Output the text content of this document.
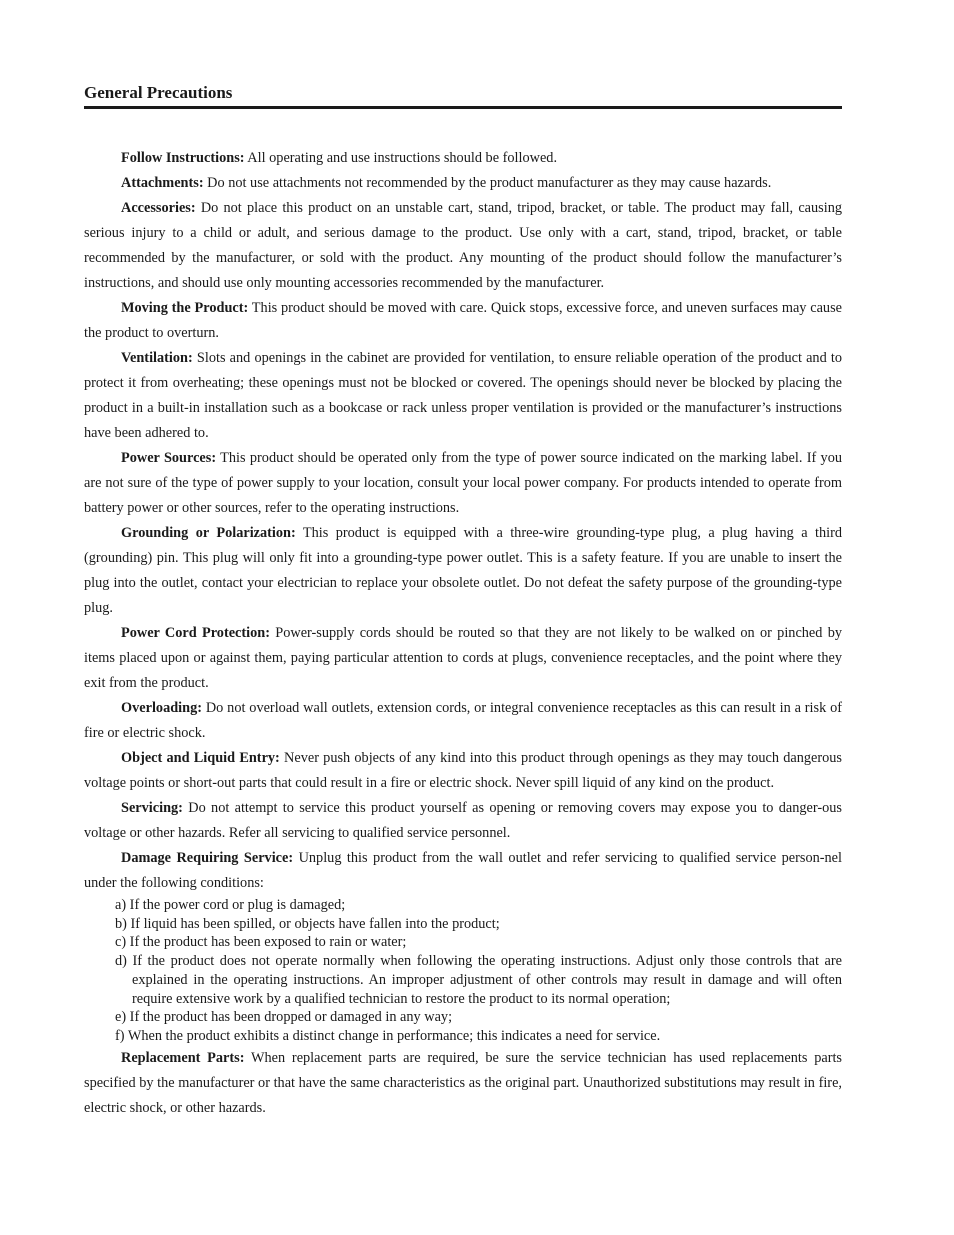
General Precautions

Follow Instructions: All operating and use instructions should be followed.

Attachments: Do not use attachments not recommended by the product manufacturer as they may cause hazards.

Accessories: Do not place this product on an unstable cart, stand, tripod, bracket, or table. The product may fall, causing serious injury to a child or adult, and serious damage to the product. Use only with a cart, stand, tripod, bracket, or table recommended by the manufacturer, or sold with the product. Any mounting of the product should follow the manufacturer’s instructions, and should use only mounting accessories recommended by the manufacturer.

Moving the Product: This product should be moved with care. Quick stops, excessive force, and uneven surfaces may cause the product to overturn.

Ventilation: Slots and openings in the cabinet are provided for ventilation, to ensure reliable operation of the product and to protect it from overheating; these openings must not be blocked or covered. The openings should never be blocked by placing the product in a built-in installation such as a bookcase or rack unless proper ventilation is provided or the manufacturer’s instructions have been adhered to.

Power Sources: This product should be operated only from the type of power source indicated on the marking label. If you are not sure of the type of power supply to your location, consult your local power company. For products intended to operate from battery power or other sources, refer to the operating instructions.

Grounding or Polarization: This product is equipped with a three-wire grounding-type plug, a plug having a third (grounding) pin. This plug will only fit into a grounding-type power outlet. This is a safety feature. If you are unable to insert the plug into the outlet, contact your electrician to replace your obsolete outlet. Do not defeat the safety purpose of the grounding-type plug.

Power Cord Protection: Power-supply cords should be routed so that they are not likely to be walked on or pinched by items placed upon or against them, paying particular attention to cords at plugs, convenience receptacles, and the point where they exit from the product.

Overloading: Do not overload wall outlets, extension cords, or integral convenience receptacles as this can result in a risk of fire or electric shock.

Object and Liquid Entry: Never push objects of any kind into this product through openings as they may touch dangerous voltage points or short-out parts that could result in a fire or electric shock. Never spill liquid of any kind on the product.

Servicing: Do not attempt to service this product yourself as opening or removing covers may expose you to danger-ous voltage or other hazards. Refer all servicing to qualified service personnel.

Damage Requiring Service: Unplug this product from the wall outlet and refer servicing to qualified service person-nel under the following conditions:

a) If the power cord or plug is damaged;
b) If liquid has been spilled, or objects have fallen into the product;
c) If the product has been exposed to rain or water;
d) If the product does not operate normally when following the operating instructions. Adjust only those controls that are explained in the operating instructions. An improper adjustment of other controls may result in damage and will often require extensive work by a qualified technician to restore the product to its normal operation;
e) If the product has been dropped or damaged in any way;
f) When the product exhibits a distinct change in performance; this indicates a need for service.

Replacement Parts: When replacement parts are required, be sure the service technician has used replacements parts specified by the manufacturer or that have the same characteristics as the original part. Unauthorized substitutions may result in fire, electric shock, or other hazards.
